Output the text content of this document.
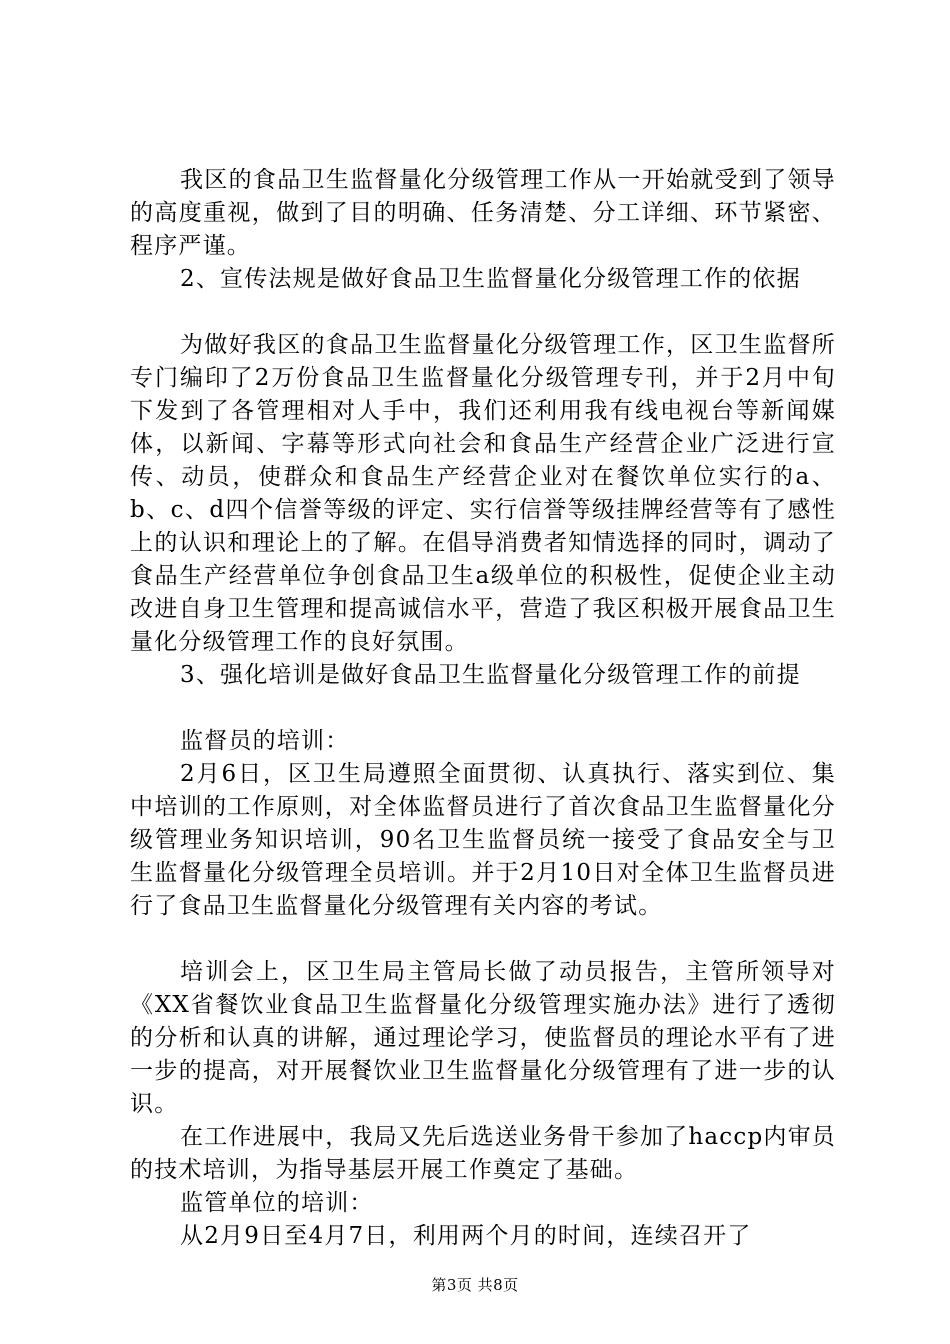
我区的食品卫生监督量化分级管理工作从一开始就受到了领导的高度重视，做到了目的明确、任务清楚、分工详细、环节紧密、程序严谨。

2、宣传法规是做好食品卫生监督量化分级管理工作的依据

为做好我区的食品卫生监督量化分级管理工作，区卫生监督所专门编印了2万份食品卫生监督量化分级管理专刊，并于2月中旬下发到了各管理相对人手中，我们还利用我有线电视台等新闻媒体，以新闻、字幕等形式向社会和食品生产经营企业广泛进行宣传、动员，使群众和食品生产经营企业对在餐饮单位实行的a、b、c、d四个信誉等级的评定、实行信誉等级挂牌经营等有了感性上的认识和理论上的了解。在倡导消费者知情选择的同时，调动了食品生产经营单位争创食品卫生a级单位的积极性，促使企业主动改进自身卫生管理和提高诚信水平，营造了我区积极开展食品卫生量化分级管理工作的良好氛围。

3、强化培训是做好食品卫生监督量化分级管理工作的前提

监督员的培训：

2月6日，区卫生局遵照全面贯彻、认真执行、落实到位、集中培训的工作原则，对全体监督员进行了首次食品卫生监督量化分级管理业务知识培训，90名卫生监督员统一接受了食品安全与卫生监督量化分级管理全员培训。并于2月10日对全体卫生监督员进行了食品卫生监督量化分级管理有关内容的考试。

培训会上，区卫生局主管局长做了动员报告，主管所领导对《XX省餐饮业食品卫生监督量化分级管理实施办法》进行了透彻的分析和认真的讲解，通过理论学习，使监督员的理论水平有了进一步的提高，对开展餐饮业卫生监督量化分级管理有了进一步的认识。

在工作进展中，我局又先后选送业务骨干参加了haccp内审员的技术培训，为指导基层开展工作奠定了基础。

监管单位的培训：

从2月9日至4月7日，利用两个月的时间，连续召开了

第3页 共8页
